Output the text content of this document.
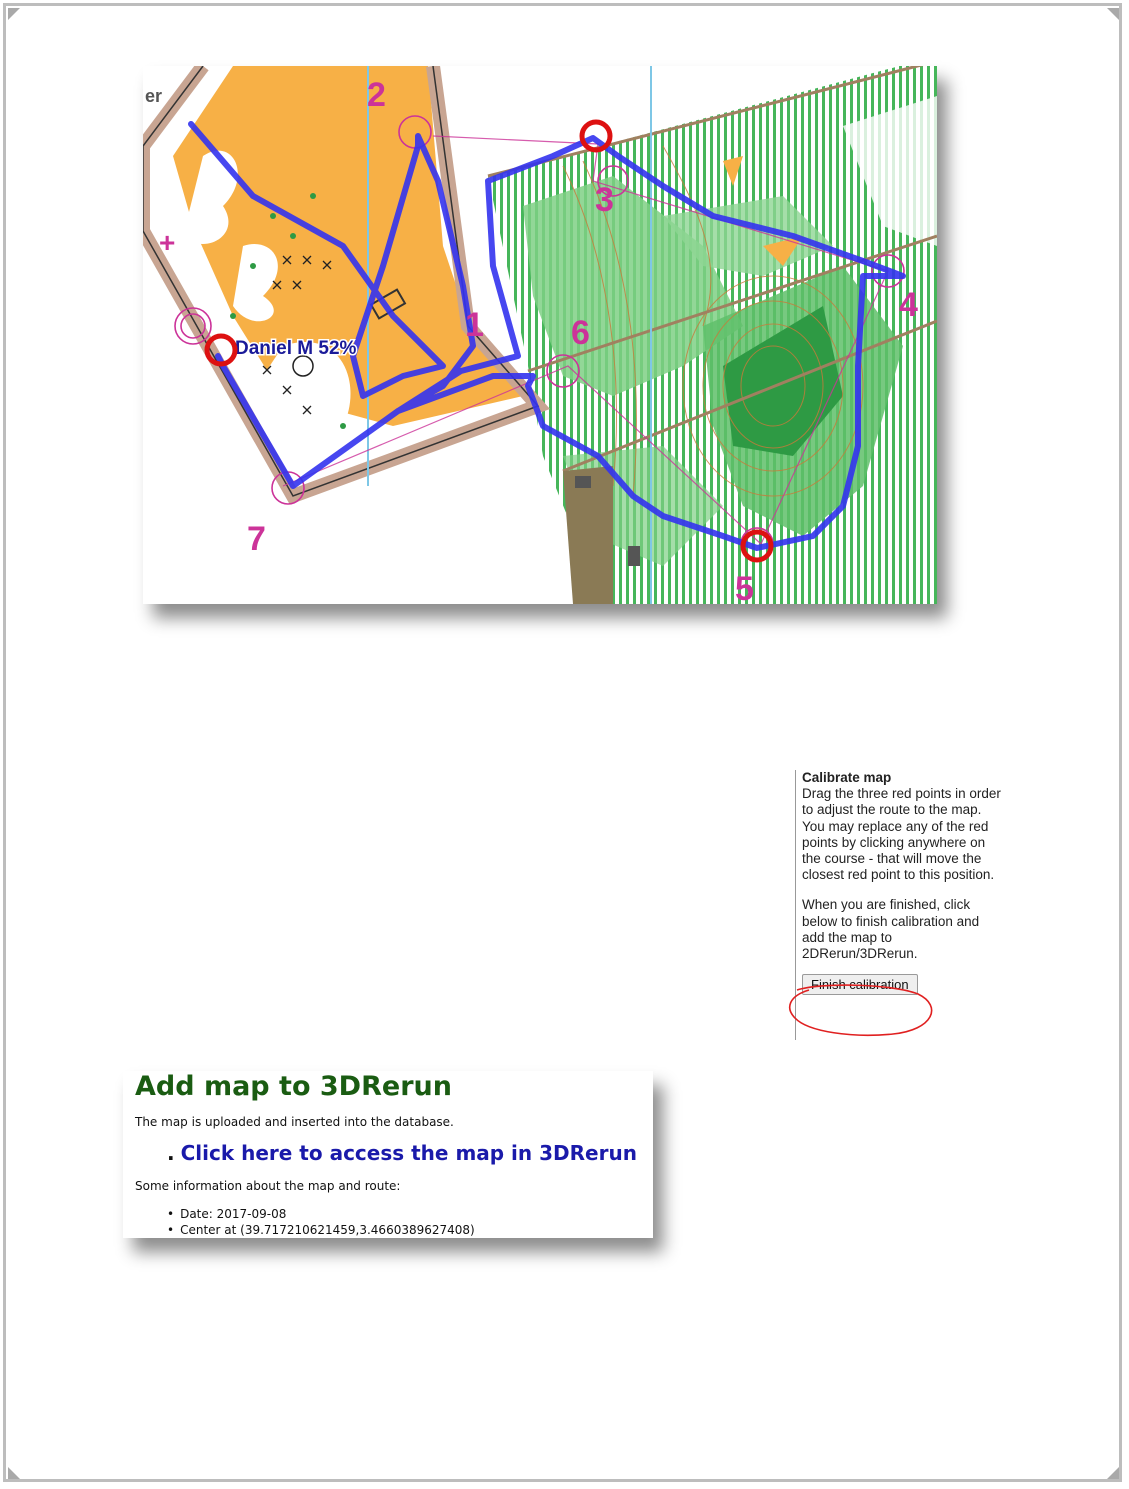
er
+
1
2
3
4
5
6
7
Daniel M 52%
Calibrate map

Drag the three red points in order to adjust the route to the map. You may replace any of the red points by clicking anywhere on the course - that will move the closest red point to this position.

When you are finished, click below to finish calibration and add the map to 2DRerun/3DRerun.

Finish calibration
Add map to 3DRerun
The map is uploaded and inserted into the database.
. Click here to access the map in 3DRerun
Some information about the map and route:
• Date: 2017-09-08
• Center at (39.717210621459,3.4660389627408)
